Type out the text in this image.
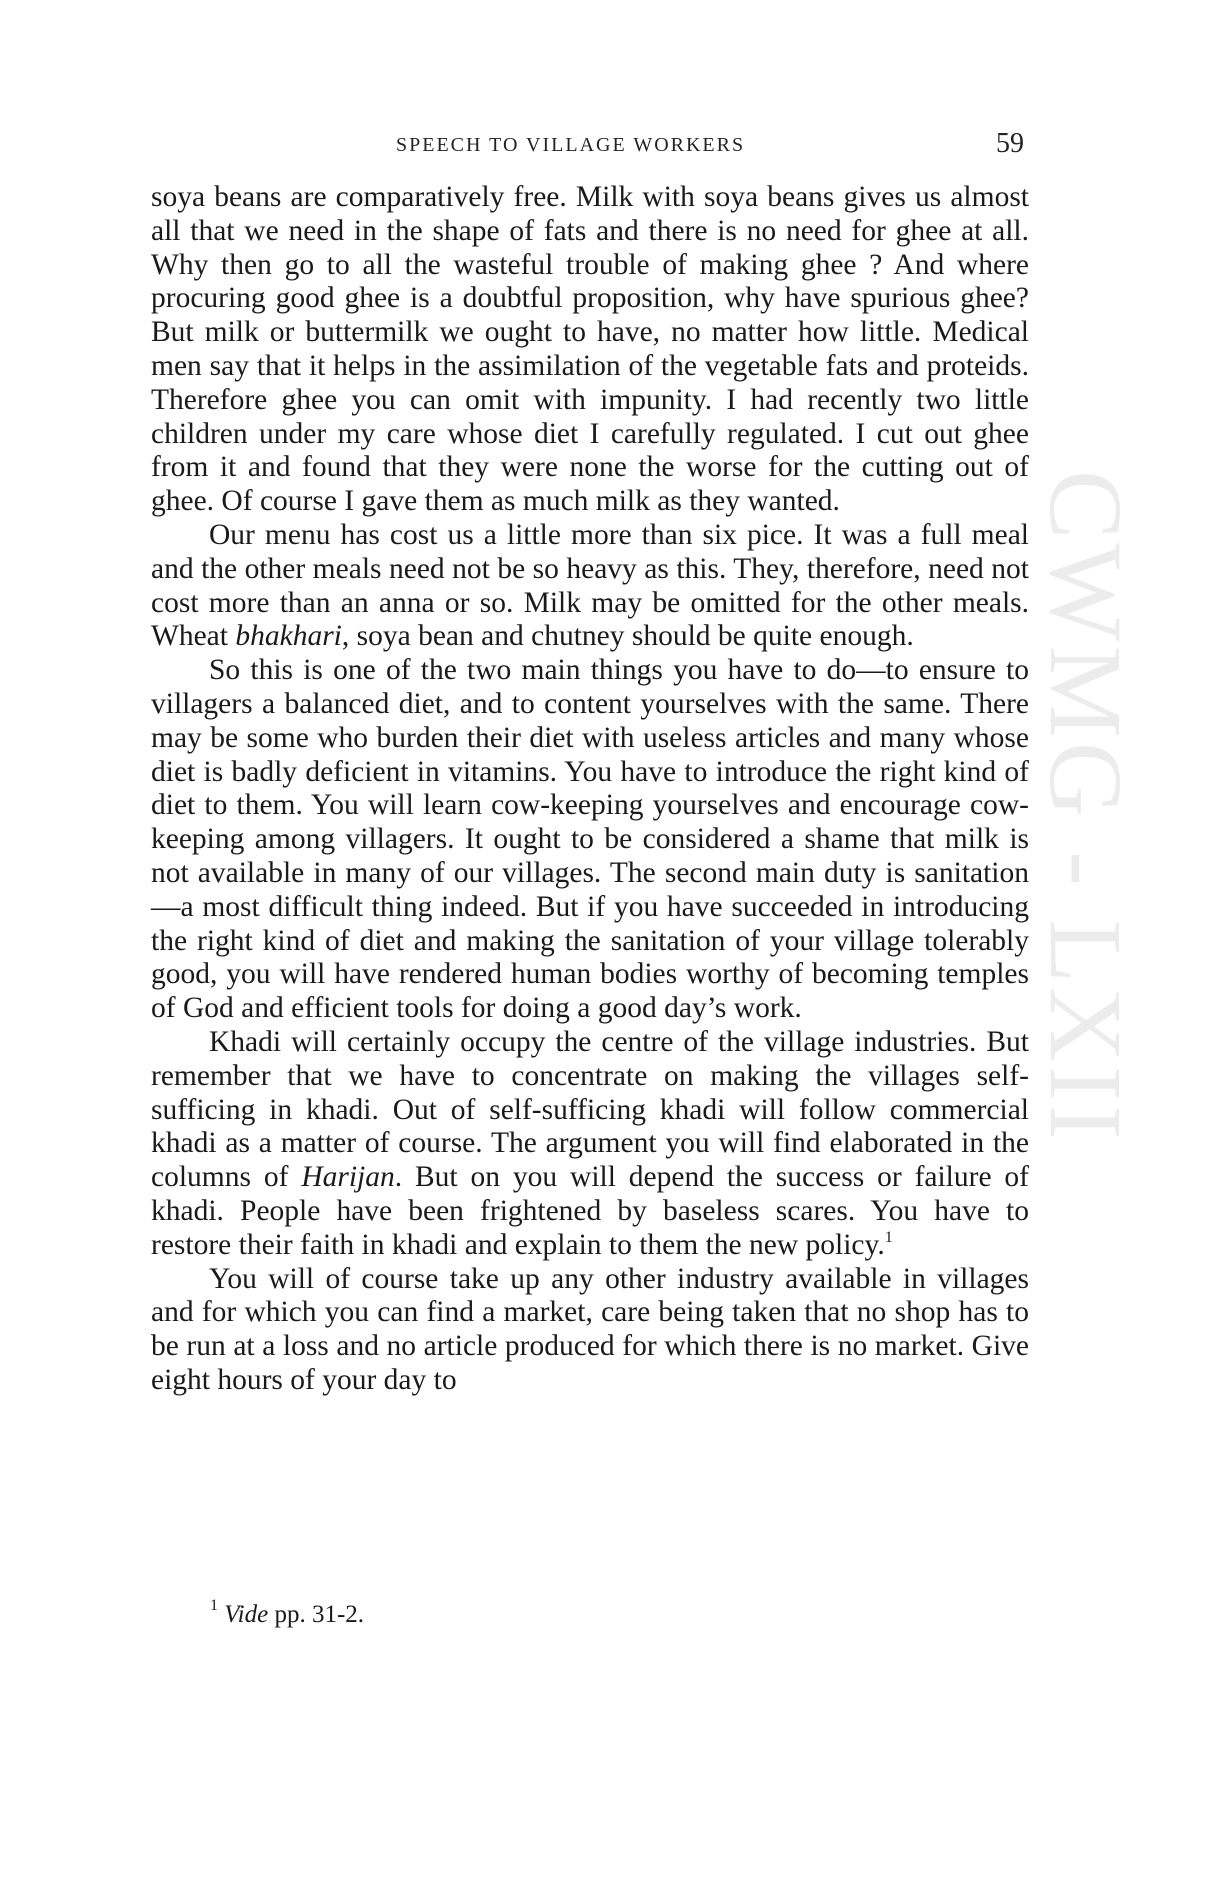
CWMG - LXII
SPEECH TO VILLAGE WORKERS	59

soya beans are comparatively free. Milk with soya beans gives us almost all that we need in the shape of fats and there is no need for ghee at all. Why then go to all the wasteful trouble of making ghee ? And where procuring good ghee is a doubtful proposition, why have spurious ghee? But milk or buttermilk we ought to have, no matter how little. Medical men say that it helps in the assimilation of the vegetable fats and proteids. Therefore ghee you can omit with impunity. I had recently two little children under my care whose diet I carefully regulated. I cut out ghee from it and found that they were none the worse for the cutting out of ghee. Of course I gave them as much milk as they wanted.

Our menu has cost us a little more than six pice. It was a full meal and the other meals need not be so heavy as this. They, therefore, need not cost more than an anna or so. Milk may be omitted for the other meals. Wheat bhakhari, soya bean and chutney should be quite enough.

So this is one of the two main things you have to do—to ensure to villagers a balanced diet, and to content yourselves with the same. There may be some who burden their diet with useless articles and many whose diet is badly deficient in vitamins. You have to introduce the right kind of diet to them. You will learn cow-keeping yourselves and encourage cow-keeping among villagers. It ought to be considered a shame that milk is not available in many of our villages. The second main duty is sanitation—a most difficult thing indeed. But if you have succeeded in introducing the right kind of diet and making the sanitation of your village tolerably good, you will have rendered human bodies worthy of becoming temples of God and efficient tools for doing a good day’s work.

Khadi will certainly occupy the centre of the village industries. But remember that we have to concentrate on making the villages self-sufficing in khadi. Out of self-sufficing khadi will follow commercial khadi as a matter of course. The argument you will find elaborated in the columns of Harijan. But on you will depend the success or failure of khadi. People have been frightened by baseless scares. You have to restore their faith in khadi and explain to them the new policy.$^1$

You will of course take up any other industry available in villages and for which you can find a market, care being taken that no shop has to be run at a loss and no article produced for which there is no market. Give eight hours of your day to

$^1$ Vide pp. 31-2.
